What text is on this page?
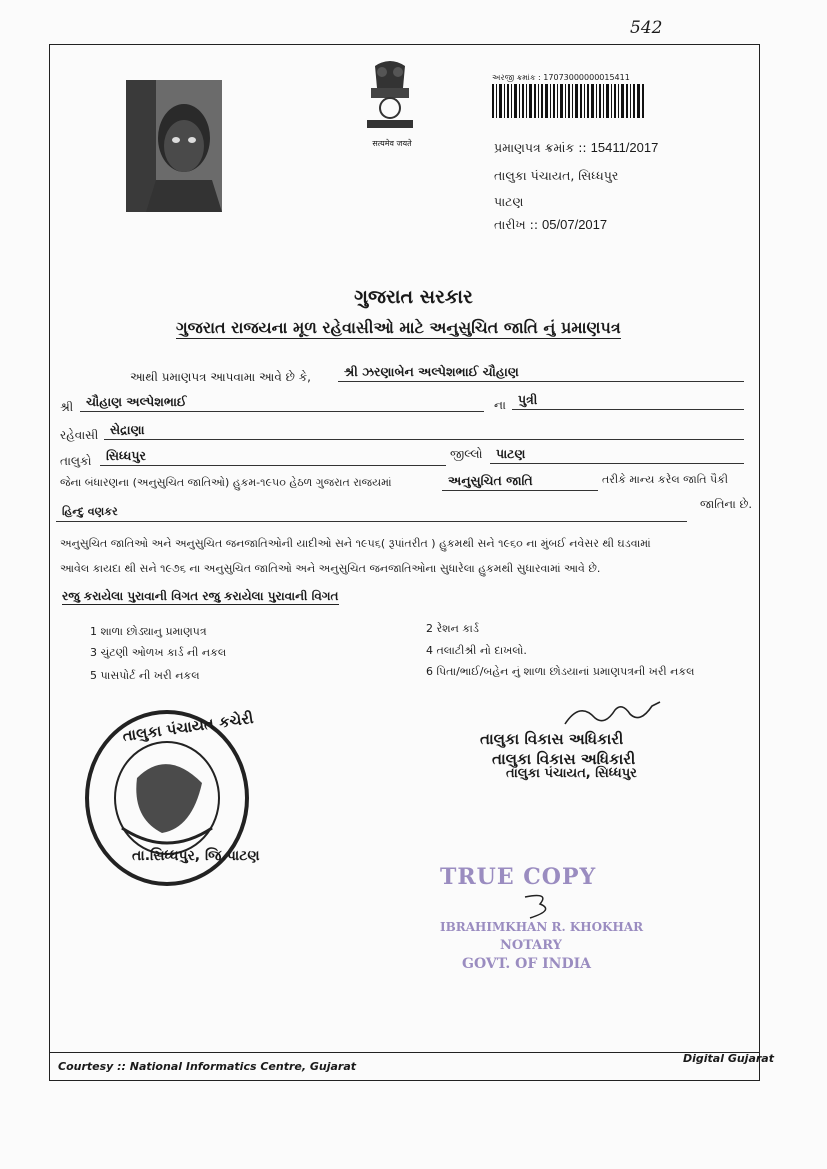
542
सत्यमेव जयते
અરજી ક્રમાંક : 17073000000015411
પ્રમાણપત્ર ક્રમાંક :: 15411/2017
તાલુકા પંચાયત, સિધ્ધપુર
પાટણ
તારીખ :: 05/07/2017
ગુજરાત સરકાર
ગુજરાત રાજયના મૂળ રહેવાસીઓ માટે અનુસુચિત જાતિ નું પ્રમાણપત્ર
આથી પ્રમાણપત્ર આપવામા આવે છે કે,	શ્રી ઝરણાબેન અલ્પેશભાઈ ચૌહાણ
શ્રી	ચૌહાણ અલ્પેશભાઈ	ના પુત્રી
રહેવાસી સેદ્રાણા
તાલુકો	સિધ્ધપુર	જીલ્લો	પાટણ
જેના બંધારણના (અનુસુચિત જાતિઓ) હુકમ-૧૯૫૦ હેઠળ ગુજરાત રાજયમાં	અનુસુચિત જાતિ	તરીકે માન્ય કરેલ જાતિ પૈકી
જાતિના છે.
હિન્દુ વણકર
અનુસુચિત જાતિઓ અને અનુસુચિત જનજાતિઓની યાદીઓ સને ૧૯૫૬( રૂપાંતરીત ) હુકમથી સને ૧૯૬૦ ના મુંબઈ નવેસર થી ઘડવામાં
આવેલ કાયદા થી સને ૧૯૭૬ ના અનુસુચિત જાતિઓ અને અનુસુચિત જનજાતિઓના સુધારેલા હુકમથી સુધારવામાં આવે છે.
રજુ કરાયેલા પુરાવાની વિગત રજુ કરાયેલા પુરાવાની વિગત
1 શાળા છોડ્યાનુ પ્રમાણપત્ર	2 રેશન કાર્ડ
3 ચુંટણી ઓળખ કાર્ડ ની નકલ	4 તલાટીશ્રી નો દાખલો.
5 પાસપોર્ટ ની ખરી નકલ	6 પિતા/ભાઈ/બહેન નું શાળા છોડયાનાં પ્રમાણપત્રની ખરી નકલ
તાલુકા પંચાયત કચેરી
તા.સિધ્ધપુર, જિ.પાટણ
તાલુકા વિકાસ અધિકારી
તાલુકા વિકાસ અધિકારી
તાલુકા પંચાયત, સિધ્ધપુર
TRUE COPY
IBRAHIMKHAN R. KHOKHAR
NOTARY
GOVT. OF INDIA
Courtesy :: National Informatics Centre, Gujarat
Digital Gujarat
